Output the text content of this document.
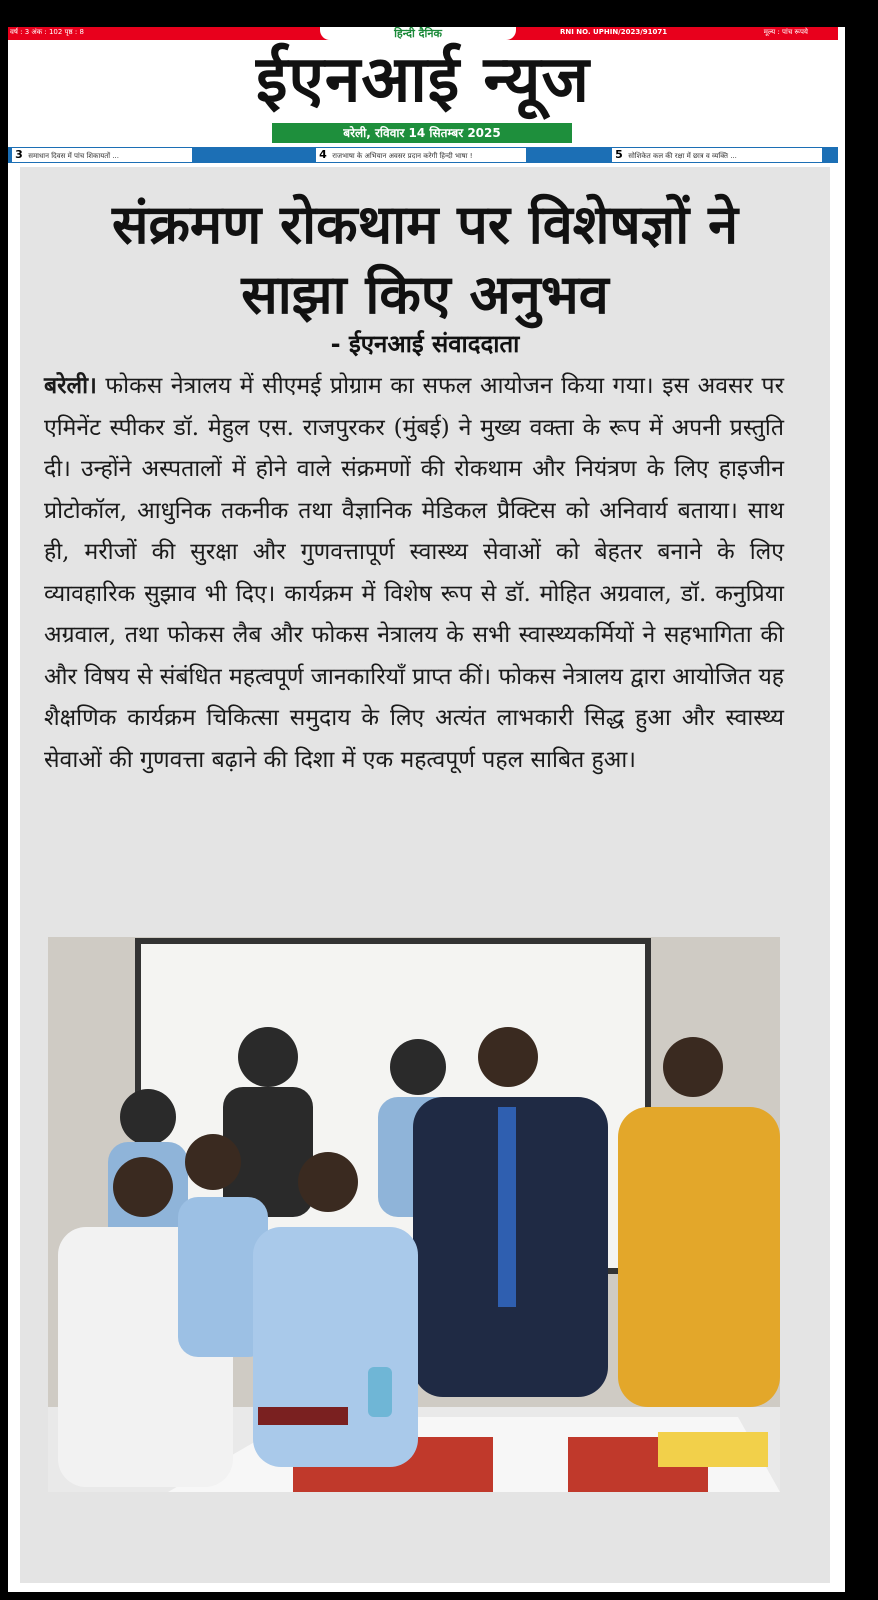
वर्ष : 3 अंक : 102 पृष्ठ : 8	हिन्दी दैनिक	RNI NO. UPHIN/2023/91071	मूल्य : पांच रूपये
ईएनआई न्यूज
बरेली, रविवार 14 सितम्बर 2025
3 समाधान दिवस में पांच शिकायतों ...	4 राजभाषा के अभियान अवसर प्रदान करेगी हिन्दी भाषा !	5 सोशिकेत कल की रक्षा में छात्र व व्यक्ति ...
संक्रमण रोकथाम पर विशेषज्ञों ने
साझा किए अनुभव
- ईएनआई संवाददाता
बरेली। फोकस नेत्रालय में सीएमई प्रोग्राम का सफल आयोजन किया गया। इस अवसर पर एमिनेंट स्पीकर डॉ. मेहुल एस. राजपुरकर (मुंबई) ने मुख्य वक्ता के रूप में अपनी प्रस्तुति दी। उन्होंने अस्पतालों में होने वाले संक्रमणों की रोकथाम और नियंत्रण के लिए हाइजीन प्रोटोकॉल, आधुनिक तकनीक तथा वैज्ञानिक मेडिकल प्रैक्टिस को अनिवार्य बताया। साथ ही, मरीजों की सुरक्षा और गुणवत्तापूर्ण स्वास्थ्य सेवाओं को बेहतर बनाने के लिए व्यावहारिक सुझाव भी दिए। कार्यक्रम में विशेष रूप से डॉ. मोहित अग्रवाल, डॉ. कनुप्रिया अग्रवाल, तथा फोकस लैब और फोकस नेत्रालय के सभी स्वास्थ्यकर्मियों ने सहभागिता की और विषय से संबंधित महत्वपूर्ण जानकारियाँ प्राप्त कीं। फोकस नेत्रालय द्वारा आयोजित यह शैक्षणिक कार्यक्रम चिकित्सा समुदाय के लिए अत्यंत लाभकारी सिद्ध हुआ और स्वास्थ्य सेवाओं की गुणवत्ता बढ़ाने की दिशा में एक महत्वपूर्ण पहल साबित हुआ।
